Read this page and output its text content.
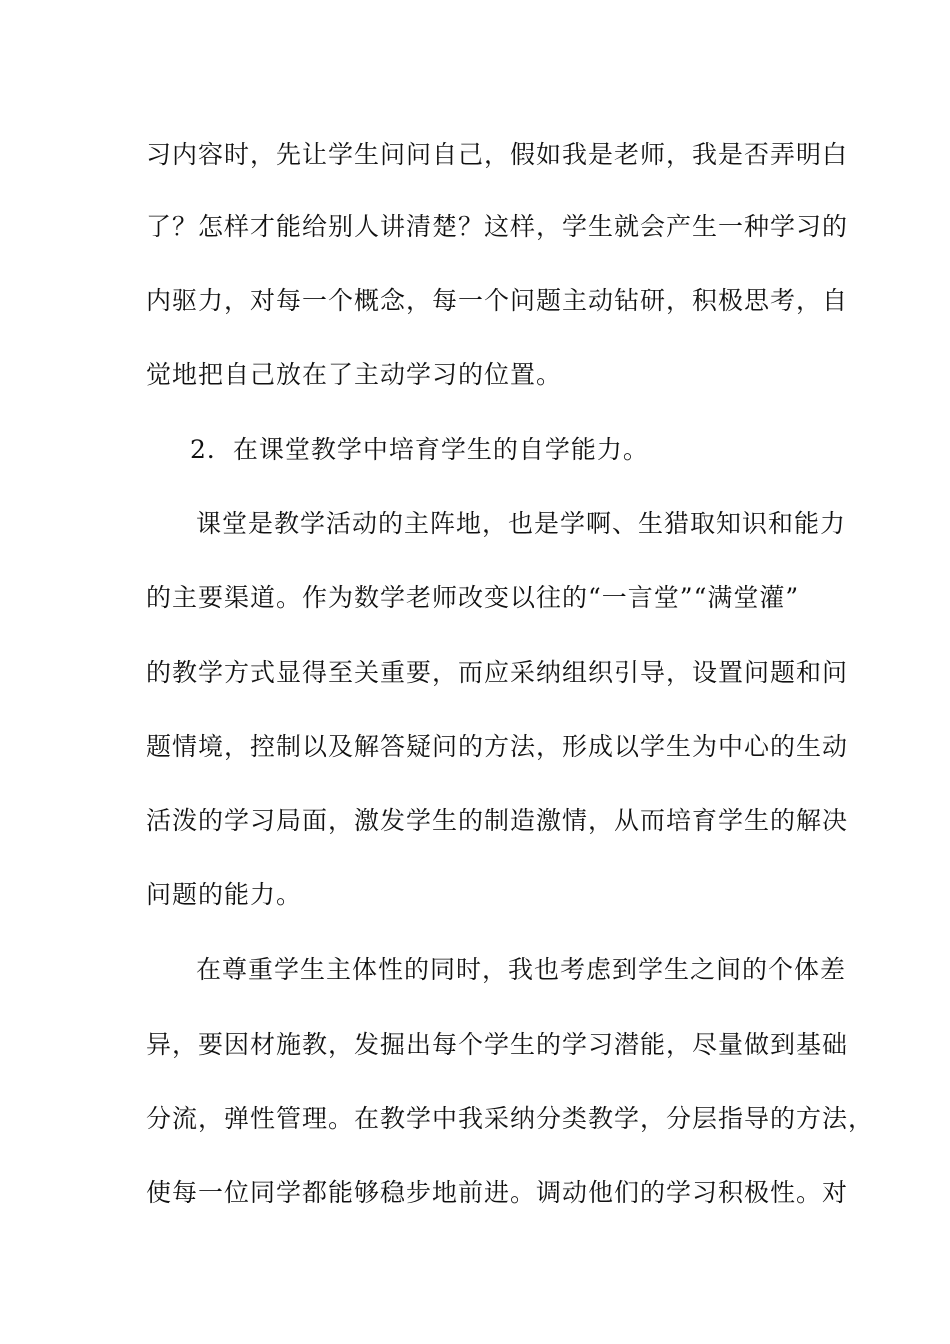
习内容时，先让学生问问自己，假如我是老师，我是否弄明白
了？怎样才能给别人讲清楚？这样，学生就会产生一种学习的
内驱力，对每一个概念，每一个问题主动钻研，积极思考，自
觉地把自己放在了主动学习的位置。
2．在课堂教学中培育学生的自学能力。
课堂是教学活动的主阵地，也是学啊、生猎取知识和能力
的主要渠道。作为数学老师改变以往的“一言堂”“满堂灌”
的教学方式显得至关重要，而应采纳组织引导，设置问题和问
题情境，控制以及解答疑问的方法，形成以学生为中心的生动
活泼的学习局面，激发学生的制造激情，从而培育学生的解决
问题的能力。
在尊重学生主体性的同时，我也考虑到学生之间的个体差
异，要因材施教，发掘出每个学生的学习潜能，尽量做到基础
分流，弹性管理。在教学中我采纳分类教学，分层指导的方法，
使每一位同学都能够稳步地前进。调动他们的学习积极性。对
